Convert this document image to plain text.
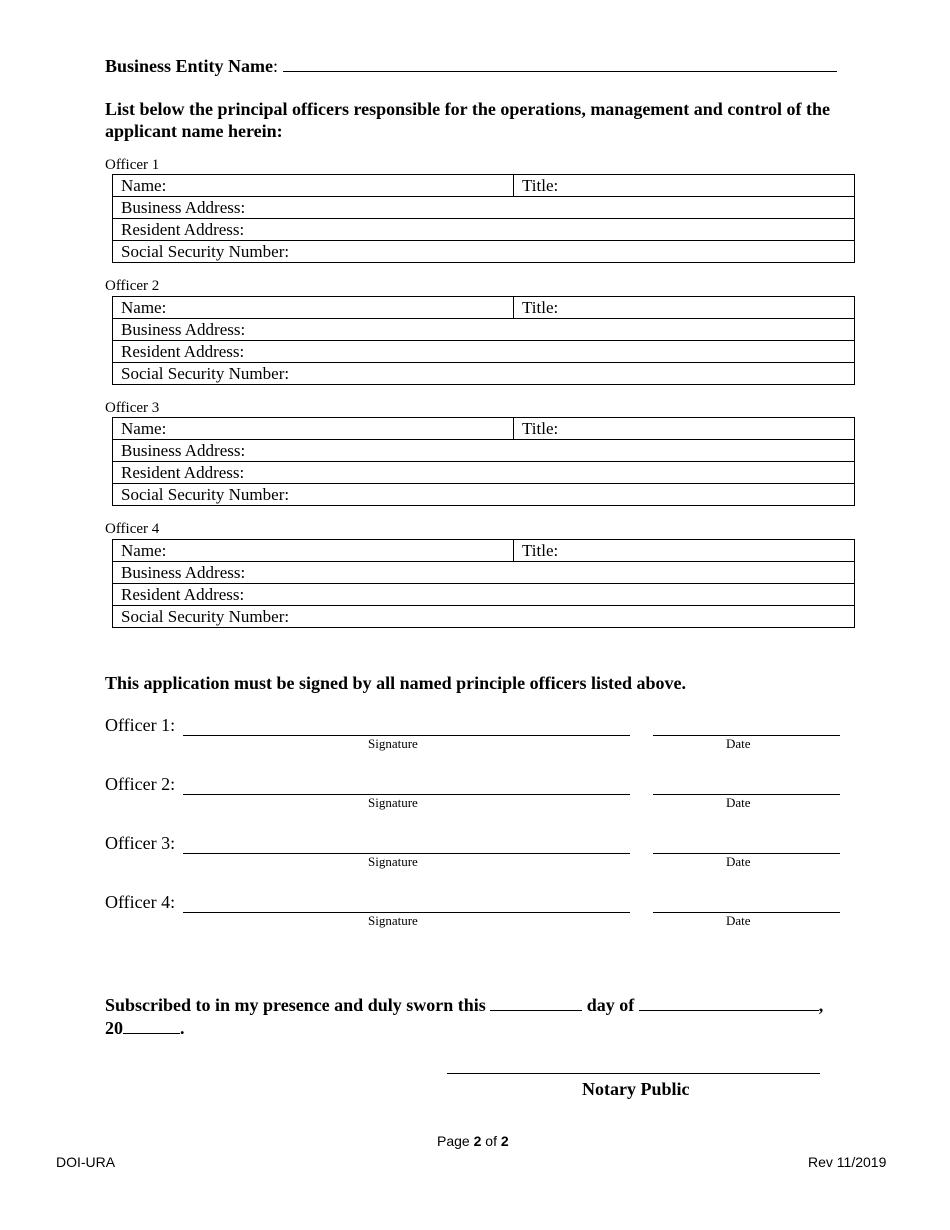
Business Entity Name:
List below the principal officers responsible for the operations, management and control of the applicant name herein:
Officer 1
Name:	Title:
Business Address:
Resident Address:
Social Security Number:
Officer 2
Name:	Title:
Business Address:
Resident Address:
Social Security Number:
Officer 3
Name:	Title:
Business Address:
Resident Address:
Social Security Number:
Officer 4
Name:	Title:
Business Address:
Resident Address:
Social Security Number:
This application must be signed by all named principle officers listed above.
Officer 1:
Signature	Date
Officer 2:
Signature	Date
Officer 3:
Signature	Date
Officer 4:
Signature	Date
Subscribed to in my presence and duly sworn this	day of	,
20	.
Notary Public
Page 2 of 2
DOI-URA	Rev 11/2019
